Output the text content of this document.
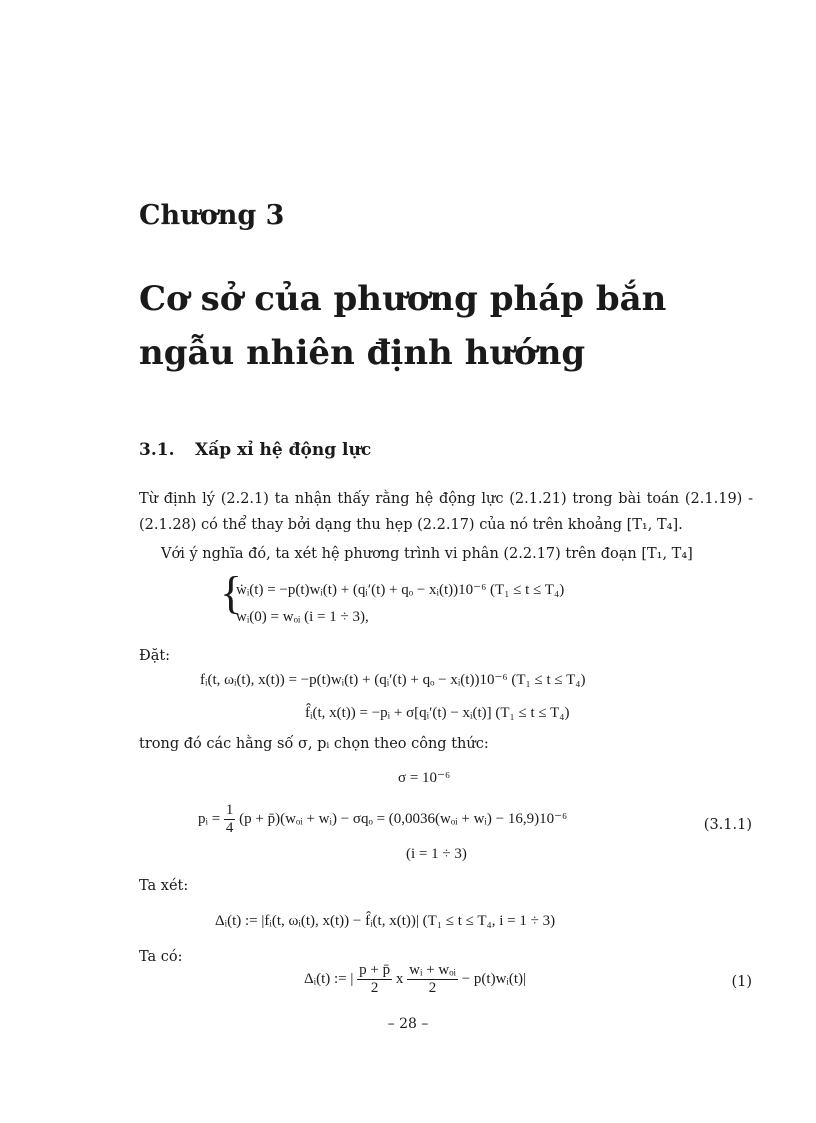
Chương 3
Cơ sở của phương pháp bắn ngẫu nhiên định hướng
3.1. Xấp xỉ hệ động lực
Từ định lý (2.2.1) ta nhận thấy rằng hệ động lực (2.1.21) trong bài toán (2.1.19) - (2.1.28) có thể thay bởi dạng thu hẹp (2.2.17) của nó trên khoảng [T₁, T₄].
Với ý nghĩa đó, ta xét hệ phương trình vi phân (2.2.17) trên đoạn [T₁, T₄]
{
ẇᵢ(t) = −p(t)wᵢ(t) + (qᵢ′(t) + qₒ − xᵢ(t))10⁻⁶ (T₁ ≤ t ≤ T₄)
wᵢ(0) = wₒᵢ (i = 1 ÷ 3),
Đặt:
fᵢ(t, ωᵢ(t), x(t)) = −p(t)wᵢ(t) + (qᵢ′(t) + qₒ − xᵢ(t))10⁻⁶ (T₁ ≤ t ≤ T₄)
f̂ᵢ(t, x(t)) = −pᵢ + σ[qᵢ′(t) − xᵢ(t)] (T₁ ≤ t ≤ T₄)
trong đó các hằng số σ, pᵢ chọn theo công thức:
σ = 10⁻⁶
pᵢ = $\frac{1}{4} (p$ + p̄)(wₒᵢ + wᵢ) − σqₒ = (0,0036(wₒᵢ + wᵢ) − 16,9)10⁻⁶	(3.1.1)
(i = 1 ÷ 3)
Ta xét:
Δᵢ(t) := |fᵢ(t, ωᵢ(t), x(t)) − f̂ᵢ(t, x(t))| (T₁ ≤ t ≤ T₄, i = 1 ÷ 3)
Ta có:
Δᵢ(t) := | $\frac{p + p̄}{2}$ x $\frac{\text{wᵢ + wₒᵢ}}{2}$ − p(t)wᵢ(t)|	(1)
– 28 –
